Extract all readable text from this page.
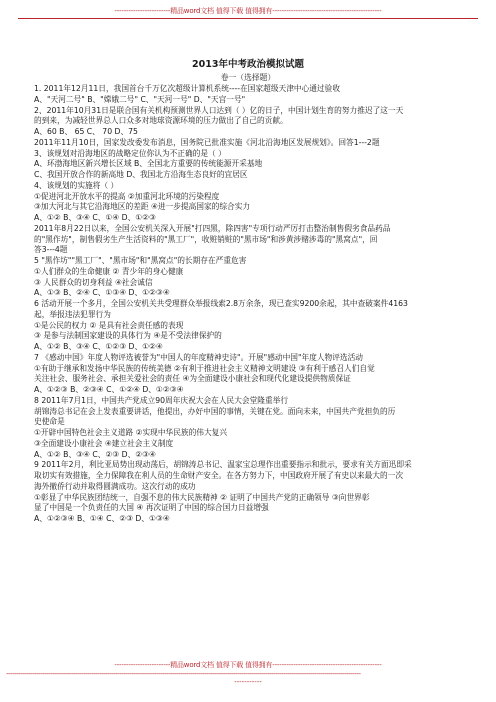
------------------------精品word文档 值得下载 值得拥有-----------------------------------------------
2013年中考政治模拟试题
卷一（选择题）
1. 2011年12月11日，我国首台千万亿次超级计算机系统----在国家超级天津中心通过验收
A、"天河二号" B、"嫦娥二号" C、"天河一号" D、"天宫一号"
2、2011年10月31日是联合国有关机构预测世界人口达到（ ）亿的日子，中国计划生育的努力推迟了这一天
的到来，为减轻世界总人口众多对地球资源环境的压力做出了自己的贡献。
A、60 B、 65 C、 70 D、75
2011年11月10日，国家发改委发布消息，国务院已批准实施《河北沿海地区发展规划》。回答1---2题
3、该规划对沿海地区的战略定位你认为不正确的是（ ）
A、环渤海地区新兴增长区域 B、全国北方重要的传统能源开采基地
C、我国开放合作的新高地 D、我国北方沿海生态良好的宜居区
4、该规划的实施将（ ）
①促进河北开放水平的提高 ②加重河北环境的污染程度
③加大河北与其它沿海地区的差距 ④进一步提高国家的综合实力
A、①② B、③④ C、①④ D、①②③
2011年8月22日以来，全国公安机关深入开展"打四黑，除四害"专项行动严厉打击整治制售假劣食品药品
的"黑作坊"，制售假劣生产生活资料的"黑工厂"，收赃销赃的"黑市场"和涉黄涉赌涉毒的"黑窝点"，回
答3---4题
5 "黑作坊""黑工厂"、"黑市场"和"黑窝点"的长期存在严重危害
①人们群众的生命健康 ② 青少年的身心健康
③ 人民群众的切身利益 ④社会诚信
A、①③ B、②④ C、①③④ D、①②③④
6 活动开展一个多月，全国公安机关共受理群众举报线索2.8万余条，现已查实9200余起，其中查破案件4163
起，举报违法犯罪行为
①是公民的权力 ② 是具有社会责任感的表现
③ 是参与法制国家建设的具体行为 ④是不受法律保护的
A、①② B、③④ C、①②③ D、①②④
7 《感动中国》年度人物评选被誉为"中国人的年度精神史诗"。开展"感动中国"年度人物评选活动
①有助于继承和发扬中华民族的传统美德 ②有利于推进社会主义精神文明建设 ③有利于感召人们自觉
关注社会、服务社会、承担关爱社会的责任 ④为全面建设小康社会和现代化建设提供物质保证
A、①②③ B、②③④ C、①②④ D、①②③④
8 2011年7月1日，中国共产党成立90周年庆祝大会在人民大会堂隆重举行
胡锦涛总书记在会上发表重要讲话，他提出，办好中国的事情，关键在党。面向未来，中国共产党担负的历
史使命是
①开辟中国特色社会主义道路 ②实现中华民族的伟大复兴
③全面建设小康社会 ④建立社会主义制度
A、①② B、③④ C、②③ D、②③④
9 2011年2月，利比亚局势出现动荡后，胡锦涛总书记、温家宝总理作出重要指示和批示，要求有关方面迅即采
取切实有效措施，全力保障我在利人员的生命财产安全。在各方努力下，中国政府开展了有史以来最大的一次
海外撤侨行动并取得圆满成功。这次行动的成功
①彰显了中华民族团结统一，自强不息的伟大民族精神 ② 证明了中国共产党的正确领导 ③向世界彰
显了中国是一个负责任的大国 ④ 再次证明了中国的综合国力日益增强
A、①②③④ B、①④ C、②③ D、①③④
------------------------精品word文档 值得下载 值得拥有-----------------------------------------------
-------------------------------------------------------------------------------------------------------------------------------------------------------------------------------
-----------
